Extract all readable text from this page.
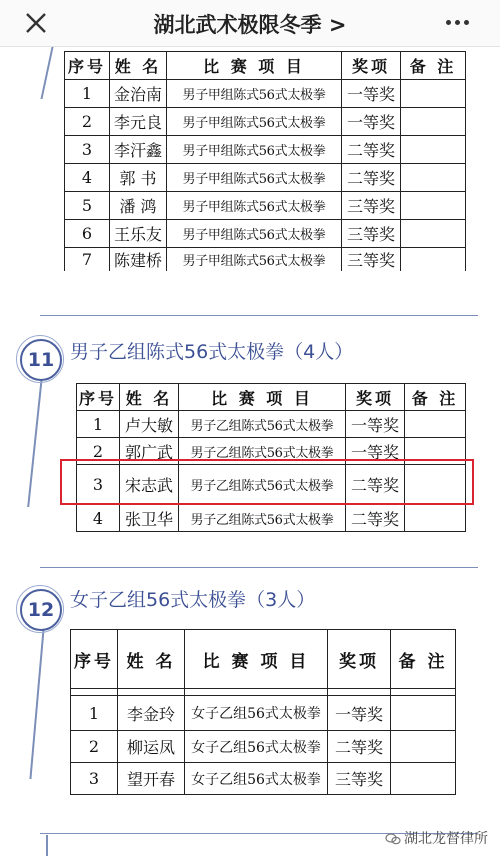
湖北武术极限冬季 >
序号	姓 名	比 赛 项 目	奖项	备 注
1	金治南	男子甲组陈式56式太极拳	一等奖	
2	李元良	男子甲组陈式56式太极拳	一等奖	
3	李汗鑫	男子甲组陈式56式太极拳	二等奖	
4	郭 书	男子甲组陈式56式太极拳	二等奖	
5	潘 鸿	男子甲组陈式56式太极拳	三等奖	
6	王乐友	男子甲组陈式56式太极拳	三等奖	
7	陈建桥	男子甲组陈式56式太极拳	三等奖	
11 男子乙组陈式56式太极拳（4人）
序号	姓 名	比 赛 项 目	奖项	备 注
1	卢大敏	男子乙组陈式56式太极拳	一等奖	
2	郭广武	男子乙组陈式56式太极拳	一等奖	
3	宋志武	男子乙组陈式56式太极拳	二等奖	
4	张卫华	男子乙组陈式56式太极拳	二等奖	
12 女子乙组56式太极拳（3人）
序号	姓 名	比 赛 项 目	奖项	备 注

1	李金玲	女子乙组56式太极拳	一等奖	
2	柳运凤	女子乙组56式太极拳	二等奖	
3	望开春	女子乙组56式太极拳	三等奖	
湖北龙督律所
